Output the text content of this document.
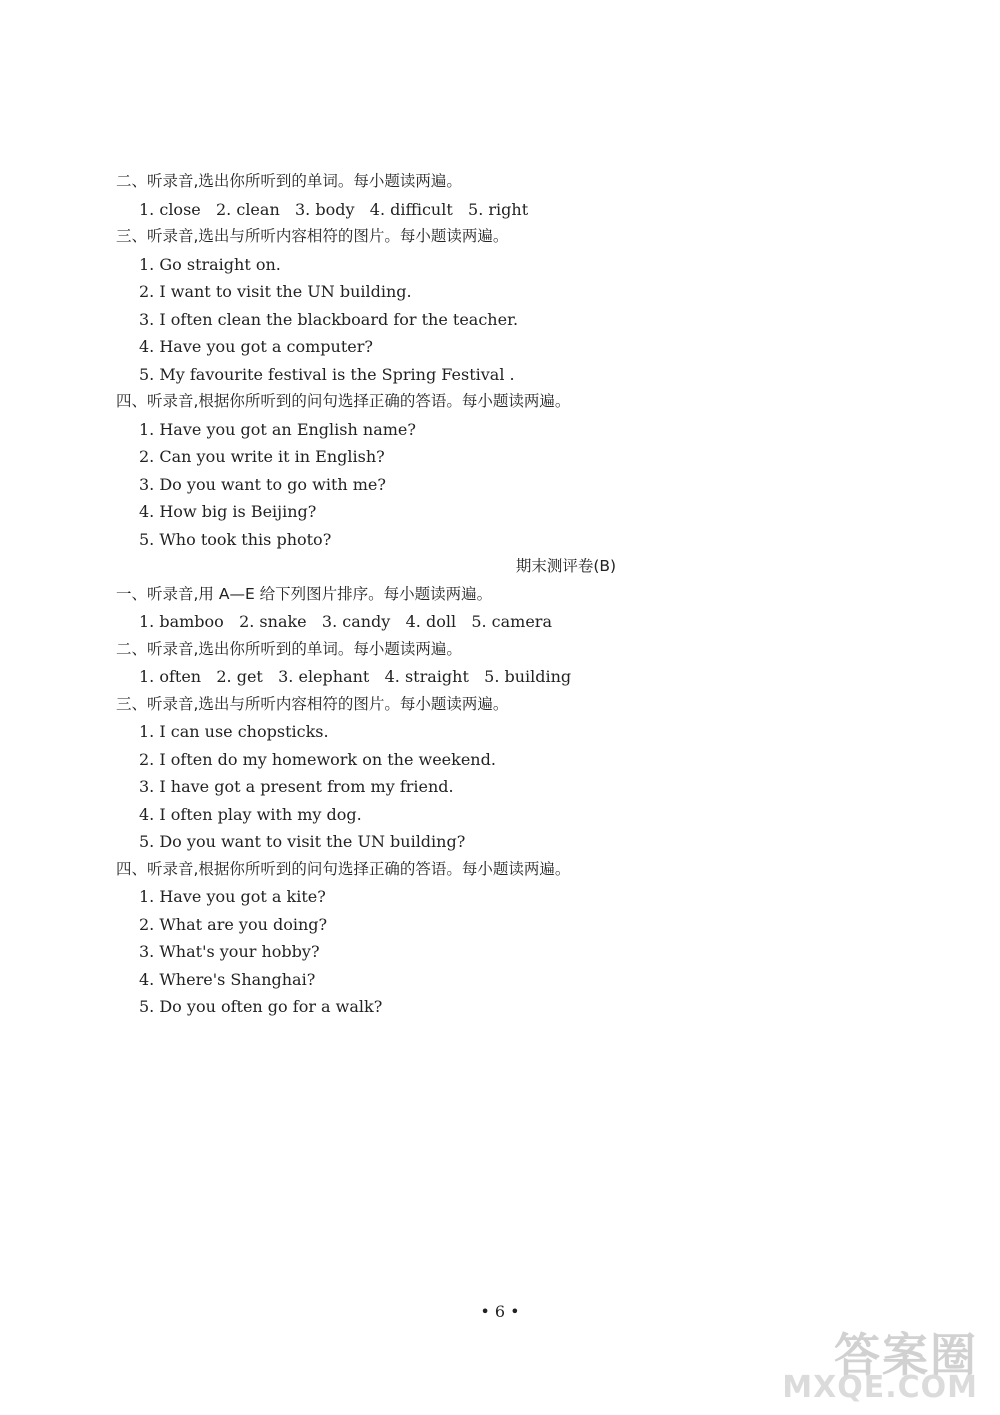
二、听录音,选出你所听到的单词。每小题读两遍。
1. close   2. clean   3. body   4. difficult   5. right
三、听录音,选出与所听内容相符的图片。每小题读两遍。
1. Go straight on.
2. I want to visit the UN building.
3. I often clean the blackboard for the teacher.
4. Have you got a computer?
5. My favourite festival is the Spring Festival .
四、听录音,根据你所听到的问句选择正确的答语。每小题读两遍。
1. Have you got an English name?
2. Can you write it in English?
3. Do you want to go with me?
4. How big is Beijing?
5. Who took this photo?
期末测评卷(B)
一、听录音,用 A—E 给下列图片排序。每小题读两遍。
1. bamboo   2. snake   3. candy   4. doll   5. camera
二、听录音,选出你所听到的单词。每小题读两遍。
1. often   2. get   3. elephant   4. straight   5. building
三、听录音,选出与所听内容相符的图片。每小题读两遍。
1. I can use chopsticks.
2. I often do my homework on the weekend.
3. I have got a present from my friend.
4. I often play with my dog.
5. Do you want to visit the UN building?
四、听录音,根据你所听到的问句选择正确的答语。每小题读两遍。
1. Have you got a kite?
2. What are you doing?
3. What's your hobby?
4. Where's Shanghai?
5. Do you often go for a walk?
• 6 •
答案圈
MXQE.COM
